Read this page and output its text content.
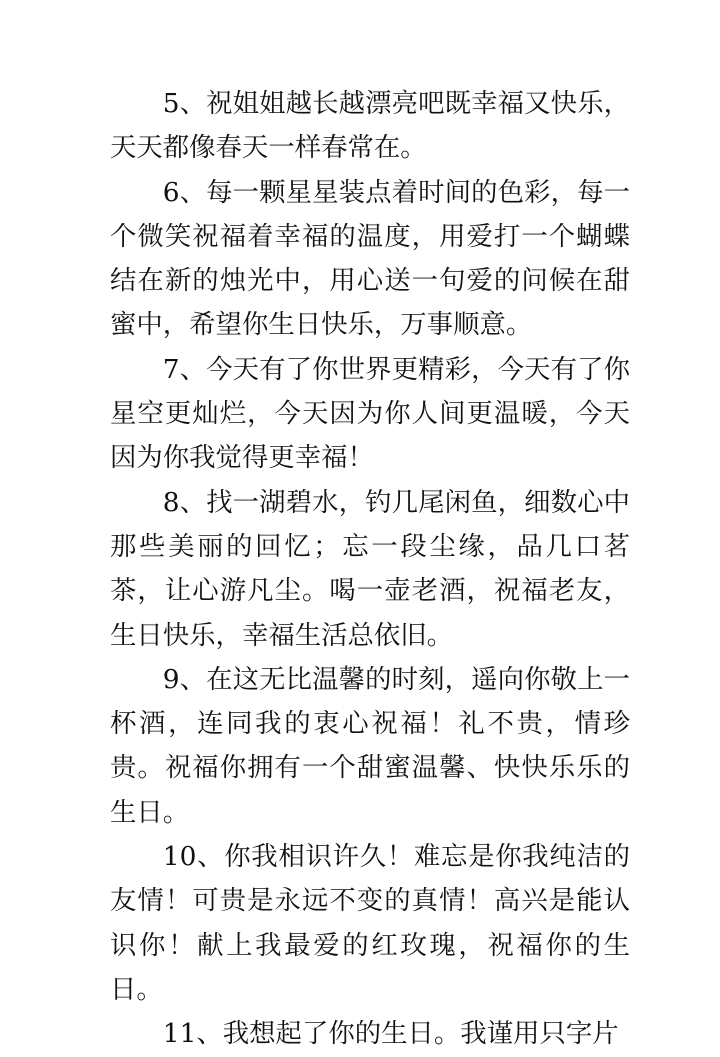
5、祝姐姐越长越漂亮吧既幸福又快乐，天天都像春天一样春常在。

6、每一颗星星装点着时间的色彩，每一个微笑祝福着幸福的温度，用爱打一个蝴蝶结在新的烛光中，用心送一句爱的问候在甜蜜中，希望你生日快乐，万事顺意。

7、今天有了你世界更精彩，今天有了你星空更灿烂，今天因为你人间更温暖，今天因为你我觉得更幸福！

8、找一湖碧水，钓几尾闲鱼，细数心中那些美丽的回忆；忘一段尘缘，品几口茗茶，让心游凡尘。喝一壶老酒，祝福老友，生日快乐，幸福生活总依旧。

9、在这无比温馨的时刻，遥向你敬上一杯酒，连同我的衷心祝福！礼不贵，情珍贵。祝福你拥有一个甜蜜温馨、快快乐乐的生日。

10、你我相识许久！难忘是你我纯洁的友情！可贵是永远不变的真情！高兴是能认识你！献上我最爱的红玫瑰，祝福你的生日。

11、我想起了你的生日。我谨用只字片
